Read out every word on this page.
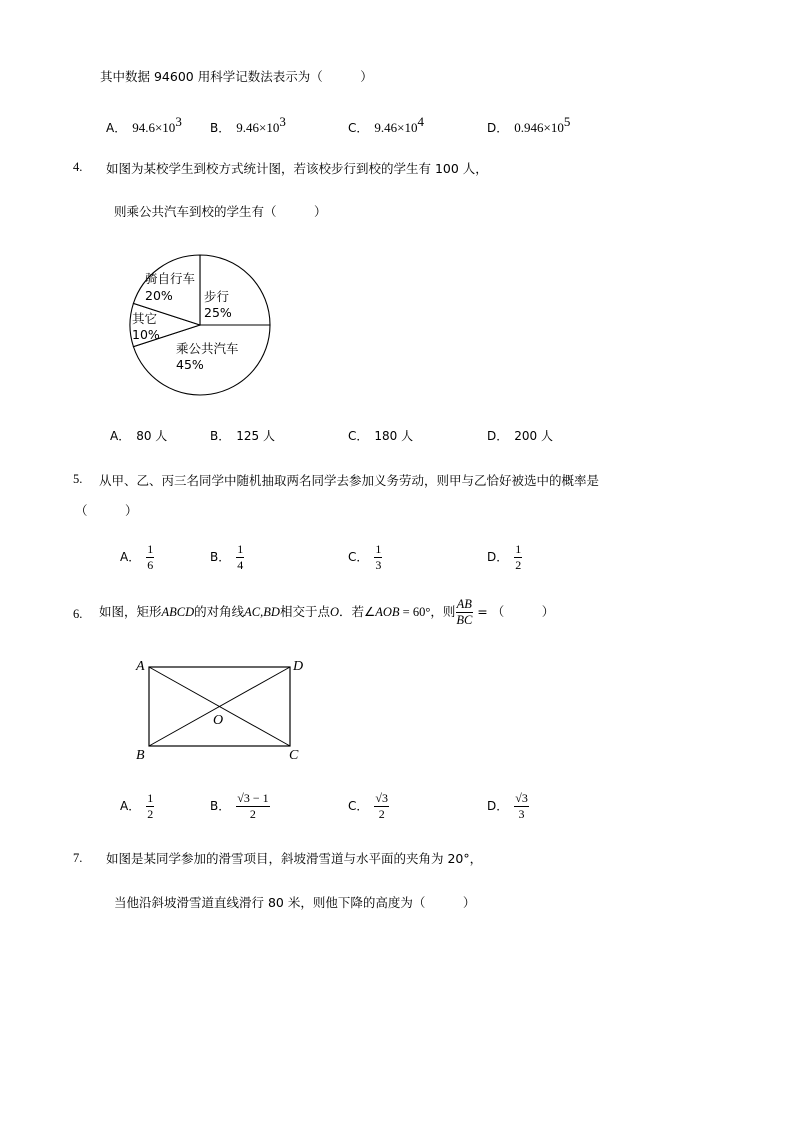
其中数据 94600 用科学记数法表示为（　　　）
A． $94.6\times 10^3$ B． $9.46\times 10^3$	C． $9.46\times 10^4$	D． $0.946\times 10^5$
4. 如图为某校学生到校方式统计图，若该校步行到校的学生有 100 人，
则乘公共汽车到校的学生有（　　　）
骑自行车
20% 步行
25%
其它
10%
乘公共汽车
45%
A． 80 人	B． 125 人	C． 180 人	D． 200 人
5. 从甲、乙、丙三名同学中随机抽取两名同学去参加义务劳动，则甲与乙恰好被选中的概率是
（　　　）
A． $\frac{1}{6}$	B． $\frac{1}{4}$	C． $\frac{1}{3}$	D． $\frac{1}{2}$
6. 如图，矩形ABCD的对角线AC,BD相交于点O．若∠AOB = 60°，则 $\frac{AB}{BC}$ = （　　　）
A	D
B	C
O
A． $\frac{1}{2}$	B． $\frac{√3 - 1}{2}$	C． $\frac{√3}{2}$	D． $\frac{√3}{3}$
7. 如图是某同学参加的滑雪项目，斜坡滑雪道与水平面的夹角为 20°，
当他沿斜坡滑雪道直线滑行 80 米，则他下降的高度为（　　　）
